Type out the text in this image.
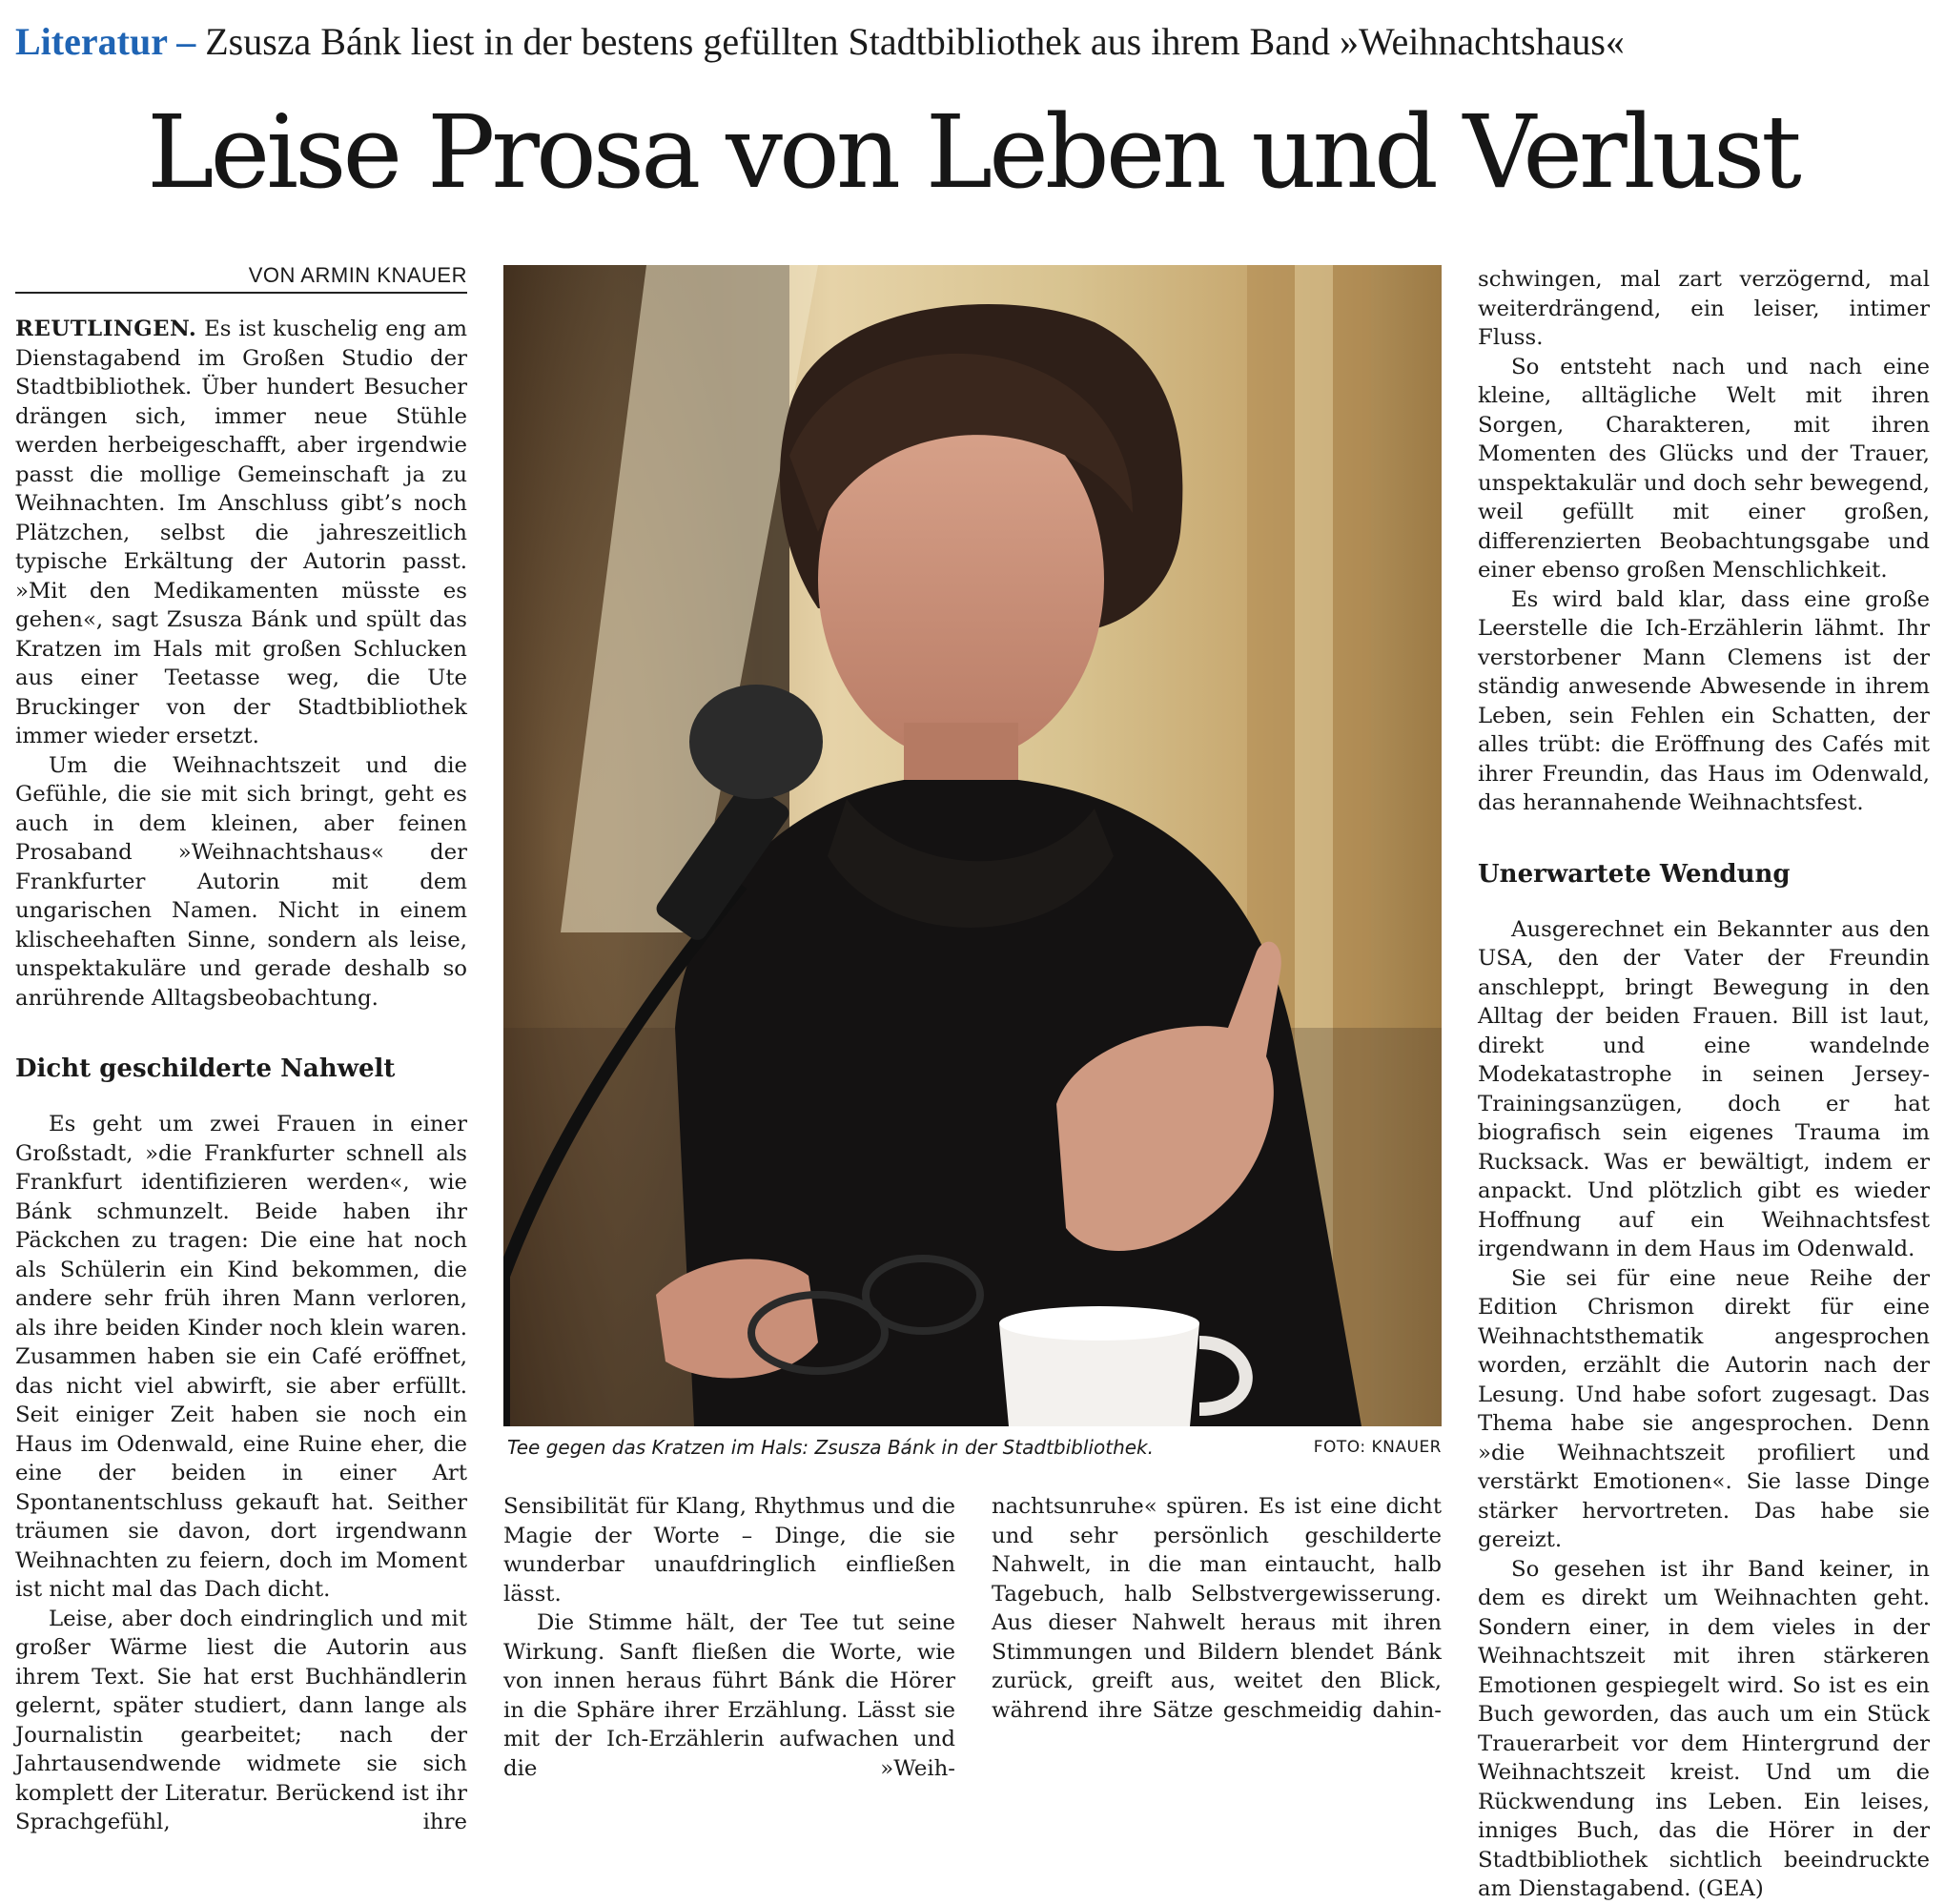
Literatur – Zsusza Bánk liest in der bestens gefüllten Stadtbibliothek aus ihrem Band »Weihnachtshaus«
Leise Prosa von Leben und Verlust
VON ARMIN KNAUER

REUTLINGEN. Es ist kuschelig eng am Dienstagabend im Großen Studio der Stadtbibliothek. Über hundert Besucher drängen sich, immer neue Stühle werden herbeigeschafft, aber irgendwie passt die mollige Gemeinschaft ja zu Weihnachten. Im Anschluss gibt’s noch Plätzchen, selbst die jahreszeitlich typische Erkältung der Autorin passt. »Mit den Medikamenten müsste es gehen«, sagt Zsusza Bánk und spült das Kratzen im Hals mit großen Schlucken aus einer Teetasse weg, die Ute Bruckinger von der Stadtbibliothek immer wieder ersetzt.

Um die Weihnachtszeit und die Gefühle, die sie mit sich bringt, geht es auch in dem kleinen, aber feinen Prosaband »Weihnachtshaus« der Frankfurter Autorin mit dem ungarischen Namen. Nicht in einem klischeehaften Sinne, sondern als leise, unspektakuläre und gerade deshalb so anrührende Alltagsbeobachtung.

Dicht geschilderte Nahwelt

Es geht um zwei Frauen in einer Großstadt, »die Frankfurter schnell als Frankfurt identifizieren werden«, wie Bánk schmunzelt. Beide haben ihr Päckchen zu tragen: Die eine hat noch als Schülerin ein Kind bekommen, die andere sehr früh ihren Mann verloren, als ihre beiden Kinder noch klein waren. Zusammen haben sie ein Café eröffnet, das nicht viel abwirft, sie aber erfüllt. Seit einiger Zeit haben sie noch ein Haus im Odenwald, eine Ruine eher, die eine der beiden in einer Art Spontanentschluss gekauft hat. Seither träumen sie davon, dort irgendwann Weihnachten zu feiern, doch im Moment ist nicht mal das Dach dicht.

Leise, aber doch eindringlich und mit großer Wärme liest die Autorin aus ihrem Text. Sie hat erst Buchhändlerin gelernt, später studiert, dann lange als Journalistin gearbeitet; nach der Jahrtausendwende widmete sie sich komplett der Literatur. Berückend ist ihr Sprachgefühl, ihre

Tee gegen das Kratzen im Hals: Zsusza Bánk in der Stadtbibliothek.	FOTO: KNAUER

Sensibilität für Klang, Rhythmus und die Magie der Worte – Dinge, die sie wunderbar unaufdringlich einfließen lässt.

Die Stimme hält, der Tee tut seine Wirkung. Sanft fließen die Worte, wie von innen heraus führt Bánk die Hörer in die Sphäre ihrer Erzählung. Lässt sie mit der Ich-Erzählerin aufwachen und die »Weih-

nachtsunruhe« spüren. Es ist eine dicht und sehr persönlich geschilderte Nahwelt, in die man eintaucht, halb Tagebuch, halb Selbstvergewisserung. Aus dieser Nahwelt heraus mit ihren Stimmungen und Bildern blendet Bánk zurück, greift aus, weitet den Blick, während ihre Sätze geschmeidig dahin-

schwingen, mal zart verzögernd, mal weiterdrängend, ein leiser, intimer Fluss.

So entsteht nach und nach eine kleine, alltägliche Welt mit ihren Sorgen, Charakteren, mit ihren Momenten des Glücks und der Trauer, unspektakulär und doch sehr bewegend, weil gefüllt mit einer großen, differenzierten Beobachtungsgabe und einer ebenso großen Menschlichkeit.

Es wird bald klar, dass eine große Leerstelle die Ich-Erzählerin lähmt. Ihr verstorbener Mann Clemens ist der ständig anwesende Abwesende in ihrem Leben, sein Fehlen ein Schatten, der alles trübt: die Eröffnung des Cafés mit ihrer Freundin, das Haus im Odenwald, das herannahende Weihnachtsfest.

Unerwartete Wendung

Ausgerechnet ein Bekannter aus den USA, den der Vater der Freundin anschleppt, bringt Bewegung in den Alltag der beiden Frauen. Bill ist laut, direkt und eine wandelnde Modekatastrophe in seinen Jersey-Trainingsanzügen, doch er hat biografisch sein eigenes Trauma im Rucksack. Was er bewältigt, indem er anpackt. Und plötzlich gibt es wieder Hoffnung auf ein Weihnachtsfest irgendwann in dem Haus im Odenwald.

Sie sei für eine neue Reihe der Edition Chrismon direkt für eine Weihnachtsthematik angesprochen worden, erzählt die Autorin nach der Lesung. Und habe sofort zugesagt. Das Thema habe sie angesprochen. Denn »die Weihnachtszeit profiliert und verstärkt Emotionen«. Sie lasse Dinge stärker hervortreten. Das habe sie gereizt.

So gesehen ist ihr Band keiner, in dem es direkt um Weihnachten geht. Sondern einer, in dem vieles in der Weihnachtszeit mit ihren stärkeren Emotionen gespiegelt wird. So ist es ein Buch geworden, das auch um ein Stück Trauerarbeit vor dem Hintergrund der Weihnachtszeit kreist. Und um die Rückwendung ins Leben. Ein leises, inniges Buch, das die Hörer in der Stadtbibliothek sichtlich beeindruckte am Dienstagabend. (GEA)
